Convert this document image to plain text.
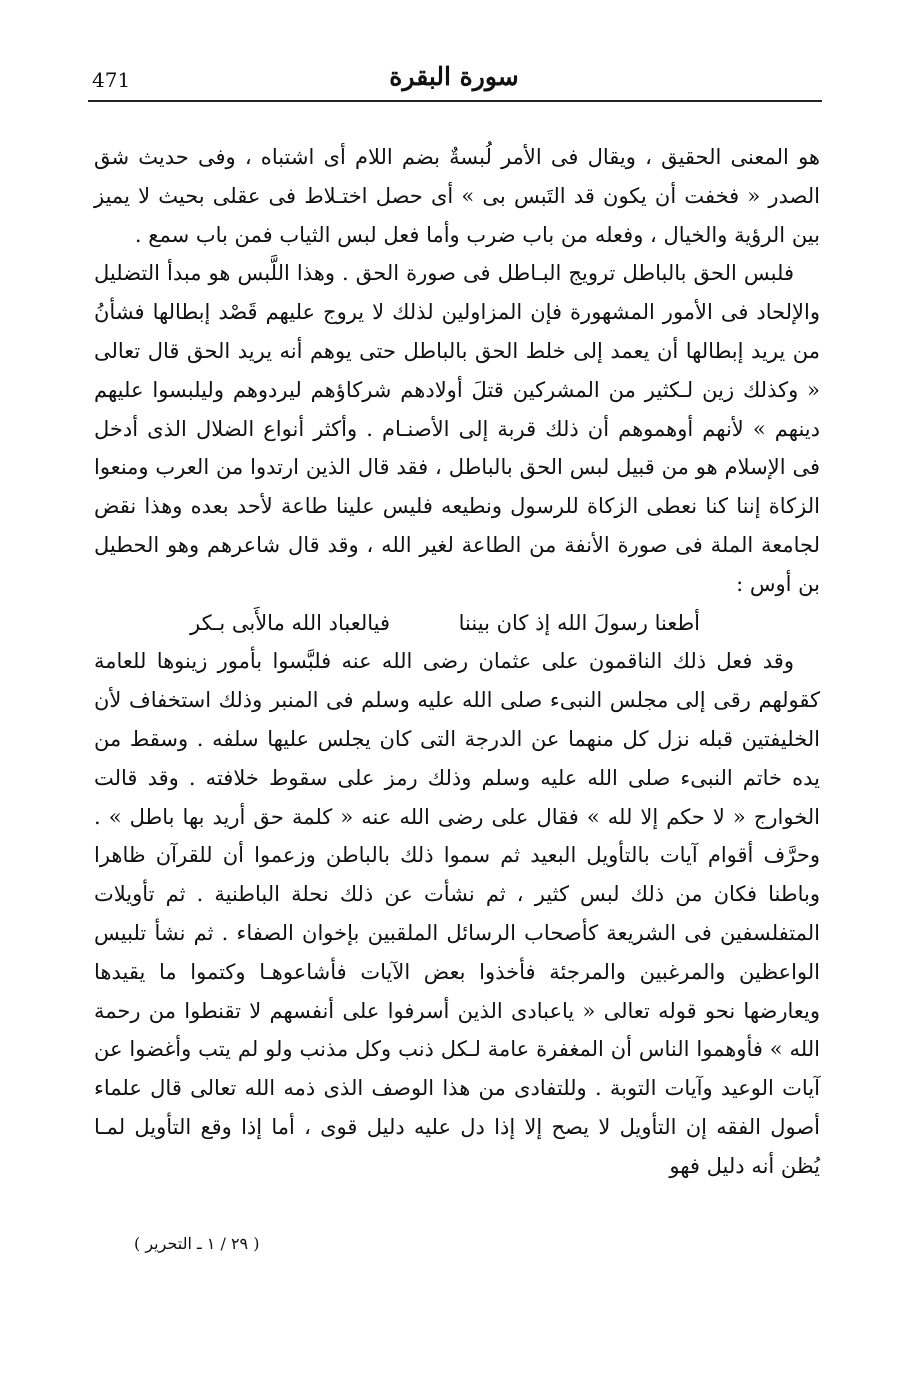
471	سورة البقرة

هو المعنى الحقيق ، ويقال فى الأمر لُبسةٌ بضم اللام أى اشتباه ، وفى حديث شق الصدر « فخفت أن يكون قد التَبس بى » أى حصل اختـلاط فى عقلى بحيث لا يميز بين الرؤية والخيال ، وفعله من باب ضرب وأما فعل لبس الثياب فمن باب سمع .

فلبس الحق بالباطل ترويج البـاطل فى صورة الحق . وهذا اللَّبس هو مبدأ التضليل والإلحاد فى الأمور المشهورة فإن المزاولين لذلك لا يروج عليهم قَصْد إبطالها فشأنُ من يريد إبطالها أن يعمد إلى خلط الحق بالباطل حتى يوهم أنه يريد الحق قال تعالى « وكذلك زين لـكثير من المشركين قتلَ أولادهم شركاؤهم ليردوهم وليلبسوا عليهم دينهم » لأنهم أوهموهم أن ذلك قربة إلى الأصنـام . وأكثر أنواع الضلال الذى أدخل فى الإسلام هو من قبيل لبس الحق بالباطل ، فقد قال الذين ارتدوا من العرب ومنعوا الزكاة إننا كنا نعطى الزكاة للرسول ونطيعه فليس علينا طاعة لأحد بعده وهذا نقض لجامعة الملة فى صورة الأنفة من الطاعة لغير الله ، وقد قال شاعرهم وهو الحطيل بن أوس :

أطعنا رسولَ الله إذ كان بيننا
فيالعباد الله مالأَبى بـكر

وقد فعل ذلك الناقمون على عثمان رضى الله عنه فلبَّسوا بأمور زينوها للعامة كقولهم رقى إلى مجلس النبىء صلى الله عليه وسلم فى المنبر وذلك استخفاف لأن الخليفتين قبله نزل كل منهما عن الدرجة التى كان يجلس عليها سلفه . وسقط من يده خاتم النبىء صلى الله عليه وسلم وذلك رمز على سقوط خلافته . وقد قالت الخوارج « لا حكم إلا لله » فقال على رضى الله عنه « كلمة حق أريد بها باطل » . وحرَّف أقوام آيات بالتأويل البعيد ثم سموا ذلك بالباطن وزعموا أن للقرآن ظاهرا وباطنا فكان من ذلك لبس كثير ، ثم نشأت عن ذلك نحلة الباطنية . ثم تأويلات المتفلسفين فى الشريعة كأصحاب الرسائل الملقبين بإخوان الصفاء . ثم نشأ تلبيس الواعظين والمرغبين والمرجئة فأخذوا بعض الآيات فأشاعوهـا وكتموا ما يقيدها ويعارضها نحو قوله تعالى « ياعبادى الذين أسرفوا على أنفسهم لا تقنطوا من رحمة الله » فأوهموا الناس أن المغفرة عامة لـكل ذنب وكل مذنب ولو لم يتب وأغضوا عن آيات الوعيد وآيات التوبة . وللتفادى من هذا الوصف الذى ذمه الله تعالى قال علماء أصول الفقه إن التأويل لا يصح إلا إذا دل عليه دليل قوى ، أما إذا وقع التأويل لمـا يُظن أنه دليل فهو

( ٢٩ / ١ ـ التحرير )
